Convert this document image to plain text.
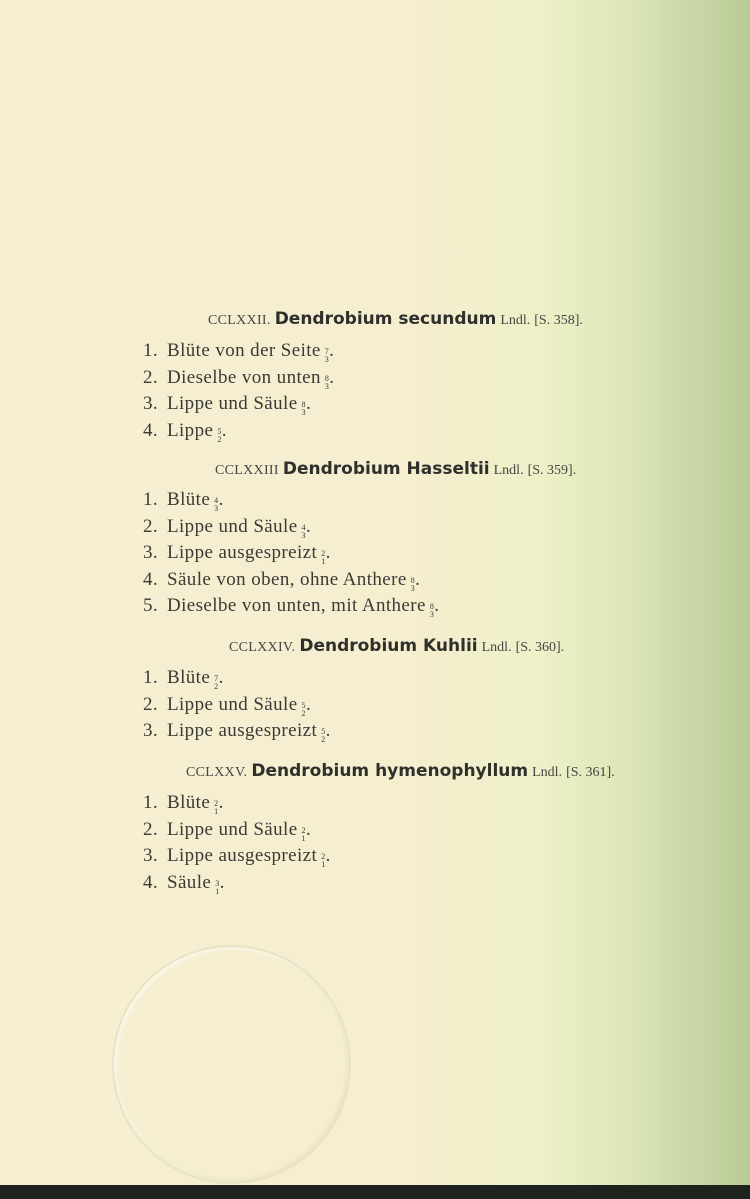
CCLXXII. Dendrobium secundum Lndl. [S. 358].
1. Blüte von der Seite 7
3 .
2. Dieselbe von unten 8
3 .
3. Lippe und Säule 8
3 .
4. Lippe 5
2 .
CCLXXIII Dendrobium Hasseltii Lndl. [S. 359].
1. Blüte 4
3 .
2. Lippe und Säule 4
3 .
3. Lippe ausgespreizt 2
1 .
4. Säule von oben, ohne Anthere 8
3 .
5. Dieselbe von unten, mit Anthere 8
3 .
CCLXXIV. Dendrobium Kuhlii Lndl. [S. 360].
1. Blüte 7
2 .
2. Lippe und Säule 5
2 .
3. Lippe ausgespreizt 5
2 .
CCLXXV. Dendrobium hymenophyllum Lndl. [S. 361].
1. Blüte 2
1 .
2. Lippe und Säule 2
1 .
3. Lippe ausgespreizt 2
1 .
4. Säule 3
1 .
